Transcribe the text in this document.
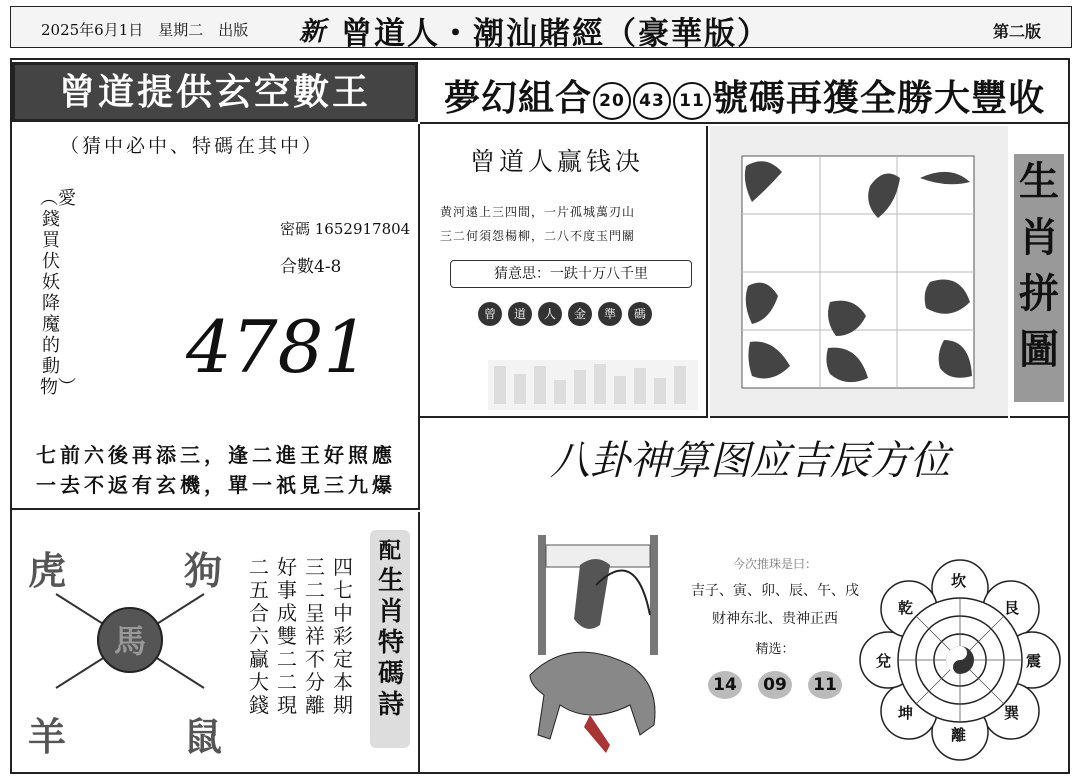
2025年6月1日　星期二　出版 新 曾道人・潮汕賭經（豪華版）	第二版
曾道提供玄空數王
（猜中必中、特碼在其中）
︵愛錢買伏妖降魔的動物︶
密碼 1652917804
合數4-8
4781
七前六後再添三，逢二進王好照應
一去不返有玄機，單一祇見三九爆
虎	狗
羊	鼠
馬
四七中彩定本期
三二呈祥不分離
好事成雙二二現
二五合六贏大錢
配
生肖特碼詩
夢幻組合 20 43 11 號碼再獲全勝大豐收
曾道人赢钱决
黄河遠上三四間，一片孤城萬刃山
三二何須怨楊柳，二八不度玉門關
猜意思：一趺十万八千里
曾	道	人	金	準	碼
生肖拼圖
八卦神算图应吉辰方位
今次推珠是曰：
吉子、寅、卯、辰、午、戌
财神东北、贵神正西
精选：
14 09 11
坎
艮
震
巽
離
坤
兌
乾
